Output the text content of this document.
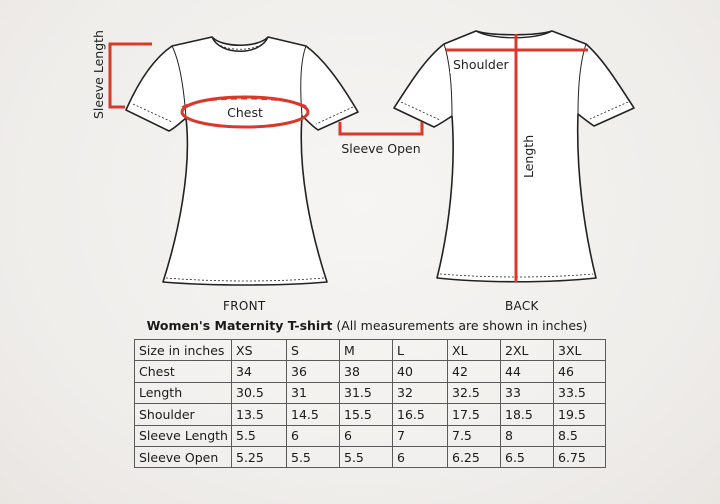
Sleeve Length	Chest
Sleeve Open
Shoulder
Length
FRONT	BACK
Women's Maternity T-shirt (All measurements are shown in inches)
Size in inches	XS	S	M	L	XL	2XL	3XL
Chest	34	36	38	40	42	44	46
Length	30.5	31	31.5	32	32.5	33	33.5
Shoulder	13.5	14.5	15.5	16.5	17.5	18.5	19.5
Sleeve Length	5.5	6	6	7	7.5	8	8.5
Sleeve Open	5.25	5.5	5.5	6	6.25	6.5	6.75
